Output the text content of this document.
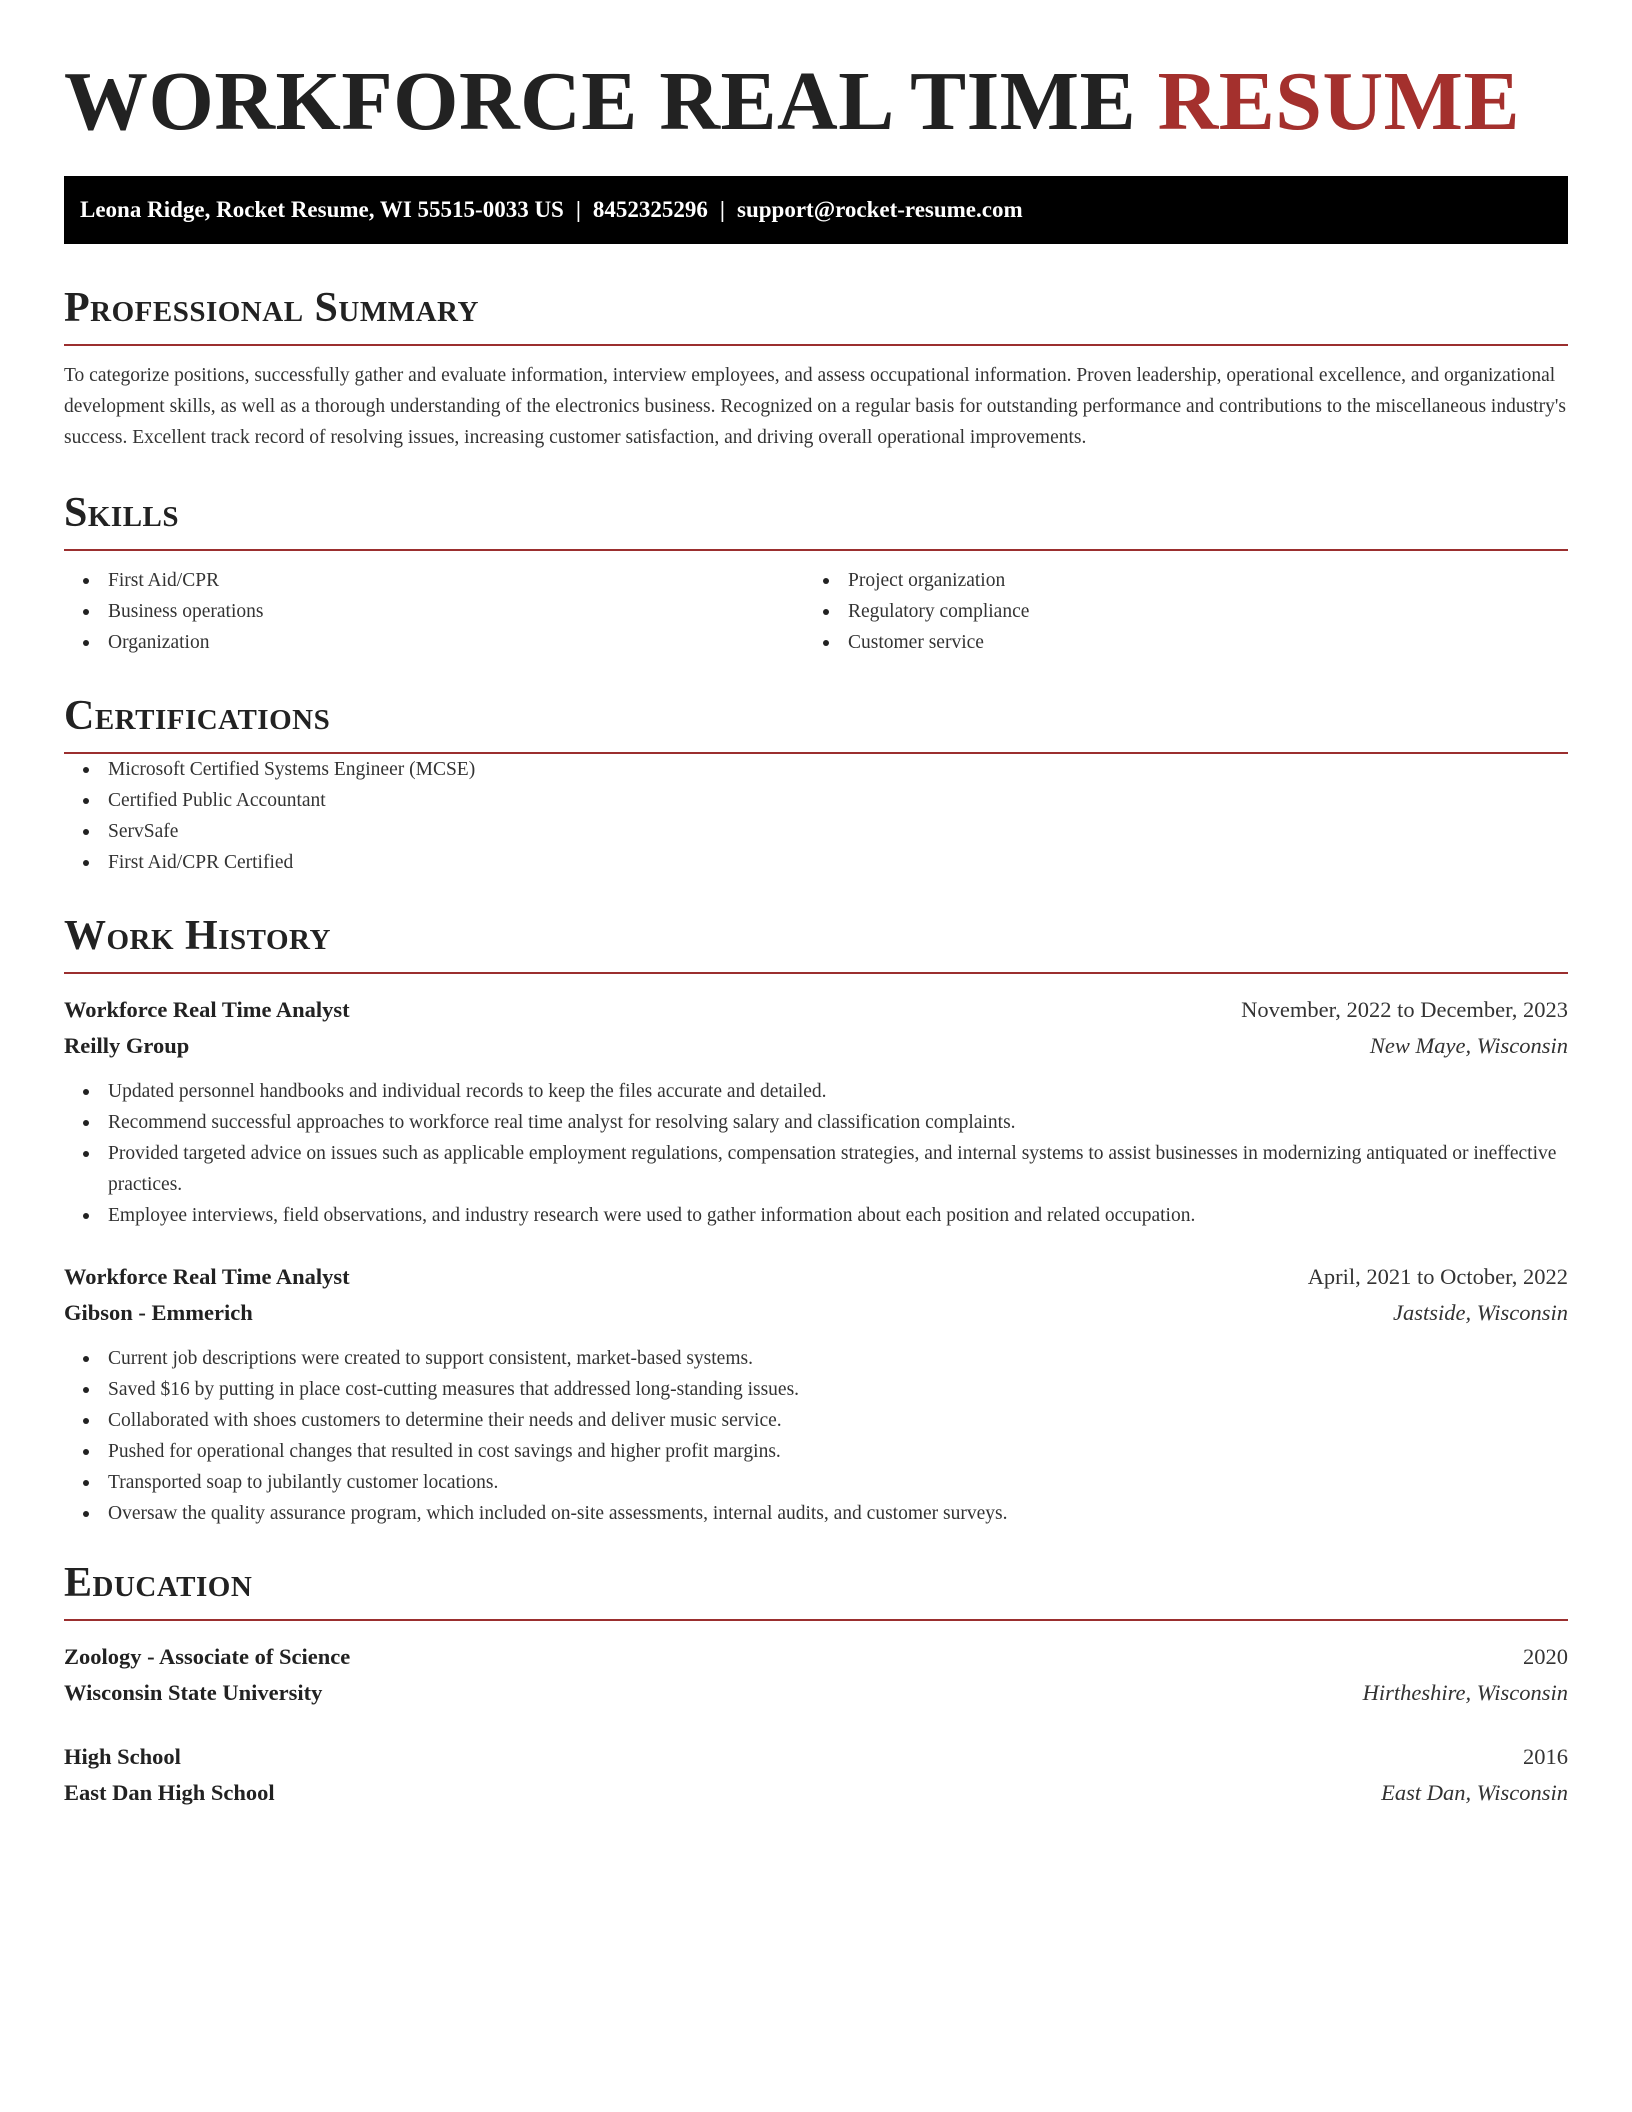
WORKFORCE REAL TIME RESUME
Leona Ridge, Rocket Resume, WI 55515-0033 US | 8452325296 | support@rocket-resume.com
Professional Summary

To categorize positions, successfully gather and evaluate information, interview employees, and assess occupational information. Proven leadership, operational excellence, and organizational development skills, as well as a thorough understanding of the electronics business. Recognized on a regular basis for outstanding performance and contributions to the miscellaneous industry's success. Excellent track record of resolving issues, increasing customer satisfaction, and driving overall operational improvements.

Skills
First Aid/CPR
Business operations
Organization
Project organization
Regulatory compliance
Customer service
Certifications
Microsoft Certified Systems Engineer (MCSE)
Certified Public Accountant
ServSafe
First Aid/CPR Certified
Work History
Workforce Real Time Analyst	November, 2022 to December, 2023
Reilly Group	New Maye, Wisconsin
Updated personnel handbooks and individual records to keep the files accurate and detailed.
Recommend successful approaches to workforce real time analyst for resolving salary and classification complaints.
Provided targeted advice on issues such as applicable employment regulations, compensation strategies, and internal systems to assist businesses in modernizing antiquated or ineffective practices.
Employee interviews, field observations, and industry research were used to gather information about each position and related occupation.
Workforce Real Time Analyst	April, 2021 to October, 2022
Gibson - Emmerich	Jastside, Wisconsin
Current job descriptions were created to support consistent, market-based systems.
Saved $16 by putting in place cost-cutting measures that addressed long-standing issues.
Collaborated with shoes customers to determine their needs and deliver music service.
Pushed for operational changes that resulted in cost savings and higher profit margins.
Transported soap to jubilantly customer locations.
Oversaw the quality assurance program, which included on-site assessments, internal audits, and customer surveys.
Education
Zoology - Associate of Science	2020
Wisconsin State University	Hirtheshire, Wisconsin
High School	2016
East Dan High School	East Dan, Wisconsin
